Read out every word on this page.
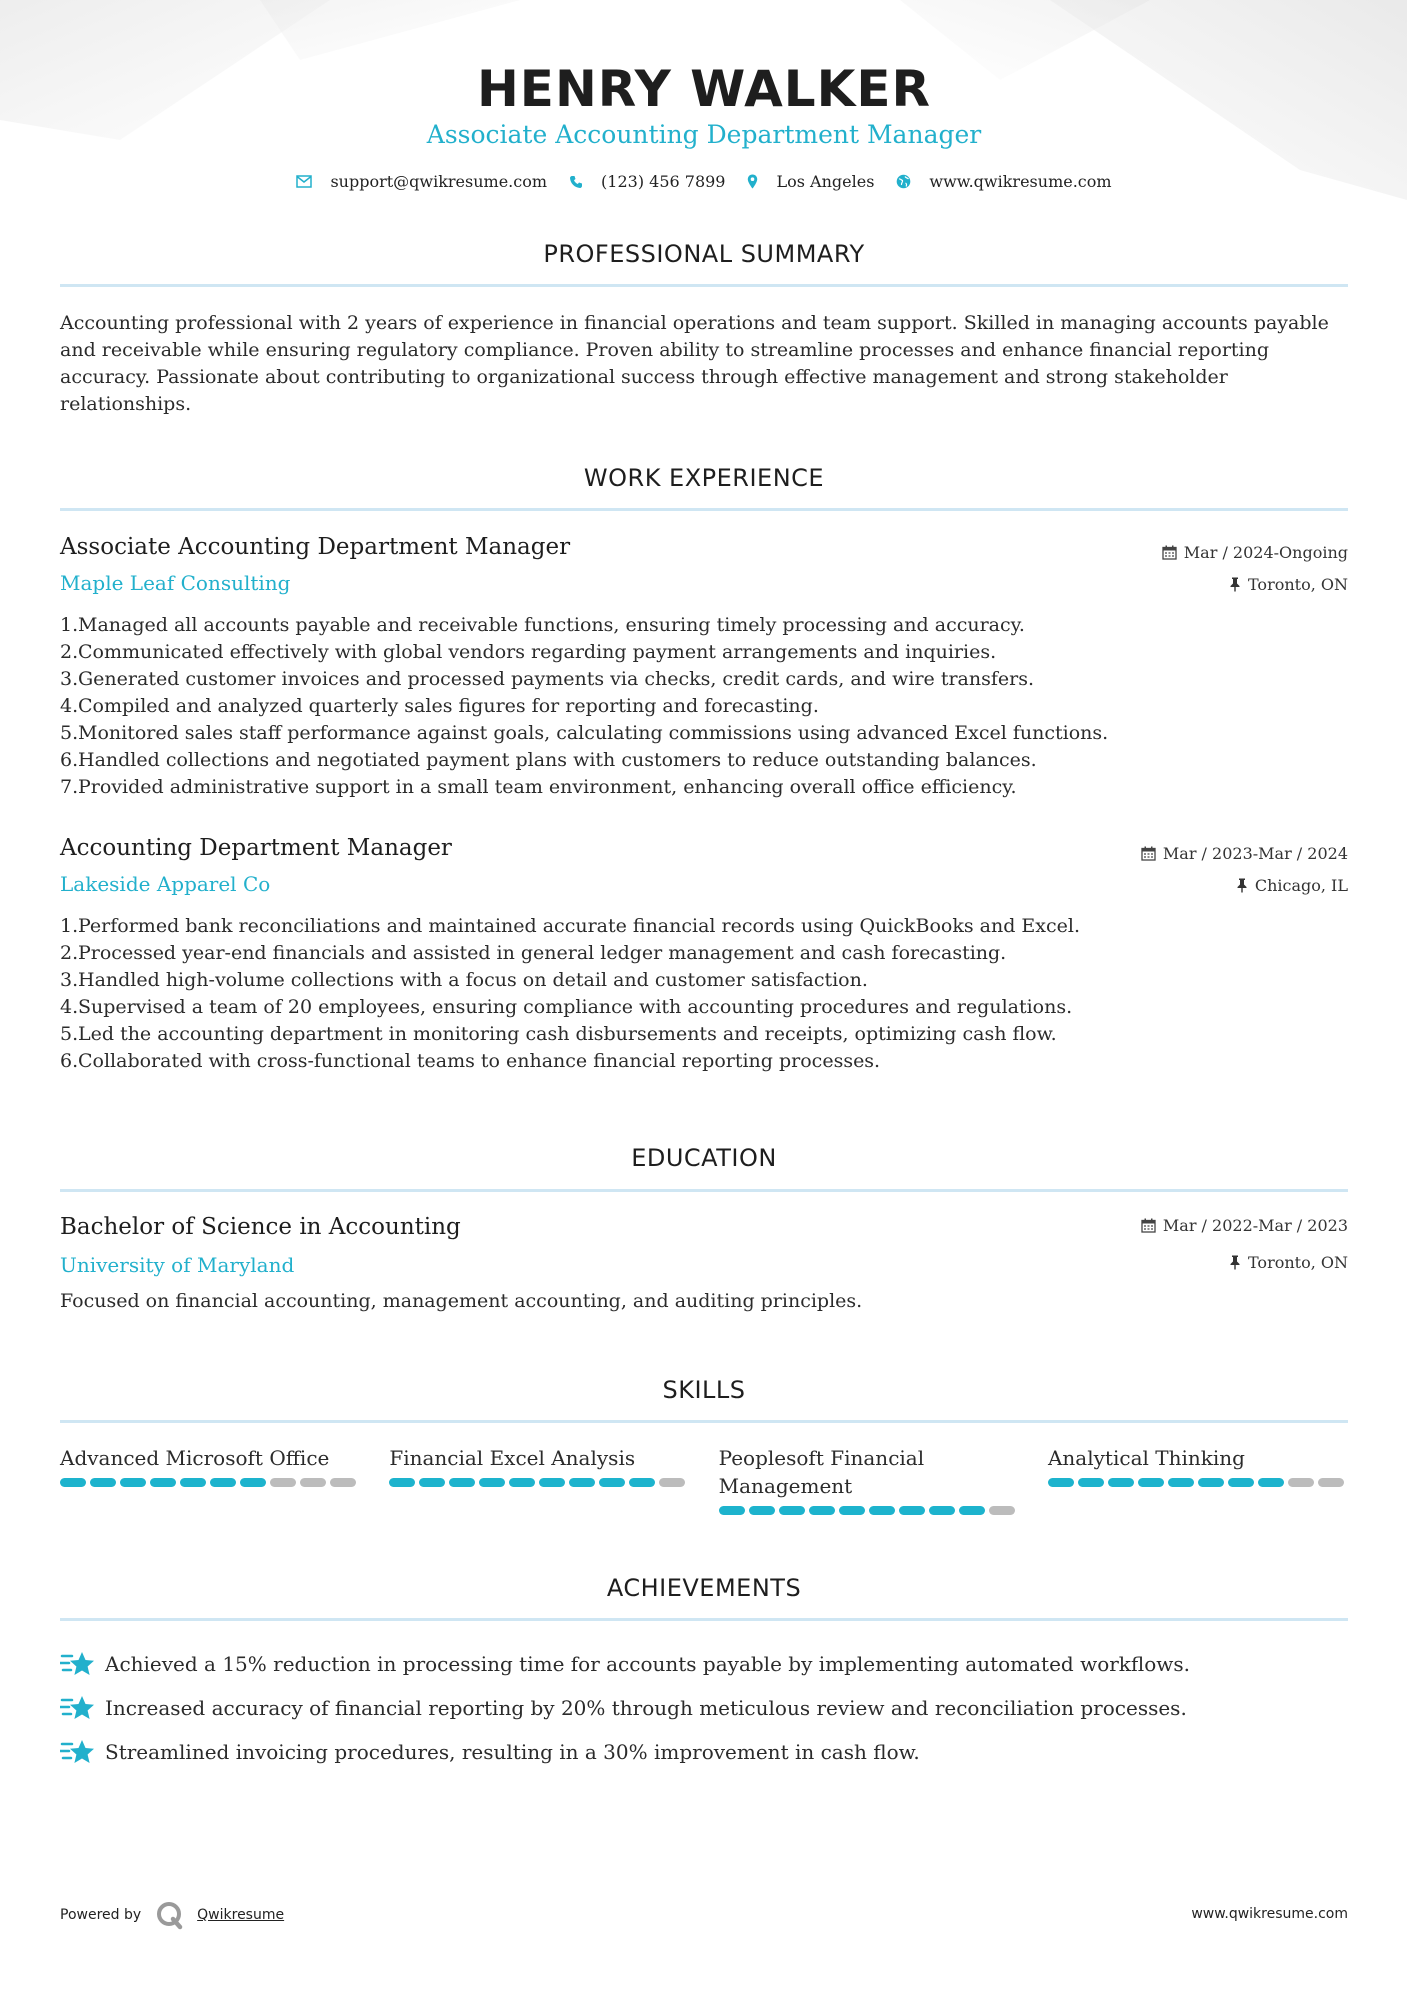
HENRY WALKER
Associate Accounting Department Manager
support@qwikresume.com	(123) 456 7899	Los Angeles	www.qwikresume.com
PROFESSIONAL SUMMARY
Accounting professional with 2 years of experience in financial operations and team support. Skilled in managing accounts payable and receivable while ensuring regulatory compliance. Proven ability to streamline processes and enhance financial reporting accuracy. Passionate about contributing to organizational success through effective management and strong stakeholder relationships.
WORK EXPERIENCE
Associate Accounting Department Manager	Mar / 2024-Ongoing
Maple Leaf Consulting	Toronto, ON
Managed all accounts payable and receivable functions, ensuring timely processing and accuracy.
Communicated effectively with global vendors regarding payment arrangements and inquiries.
Generated customer invoices and processed payments via checks, credit cards, and wire transfers.
Compiled and analyzed quarterly sales figures for reporting and forecasting.
Monitored sales staff performance against goals, calculating commissions using advanced Excel functions.
Handled collections and negotiated payment plans with customers to reduce outstanding balances.
Provided administrative support in a small team environment, enhancing overall office efficiency.
Accounting Department Manager	Mar / 2023-Mar / 2024
Lakeside Apparel Co	Chicago, IL
Performed bank reconciliations and maintained accurate financial records using QuickBooks and Excel.
Processed year-end financials and assisted in general ledger management and cash forecasting.
Handled high-volume collections with a focus on detail and customer satisfaction.
Supervised a team of 20 employees, ensuring compliance with accounting procedures and regulations.
Led the accounting department in monitoring cash disbursements and receipts, optimizing cash flow.
Collaborated with cross-functional teams to enhance financial reporting processes.
EDUCATION
Bachelor of Science in Accounting	Mar / 2022-Mar / 2023
University of Maryland	Toronto, ON
Focused on financial accounting, management accounting, and auditing principles.
SKILLS
Advanced Microsoft Office	Financial Excel Analysis	Peoplesoft Financial Management
Analytical Thinking
ACHIEVEMENTS
Achieved a 15% reduction in processing time for accounts payable by implementing automated workflows.
Increased accuracy of financial reporting by 20% through meticulous review and reconciliation processes.
Streamlined invoicing procedures, resulting in a 30% improvement in cash flow.
Powered by	Qwikresume	www.qwikresume.com
